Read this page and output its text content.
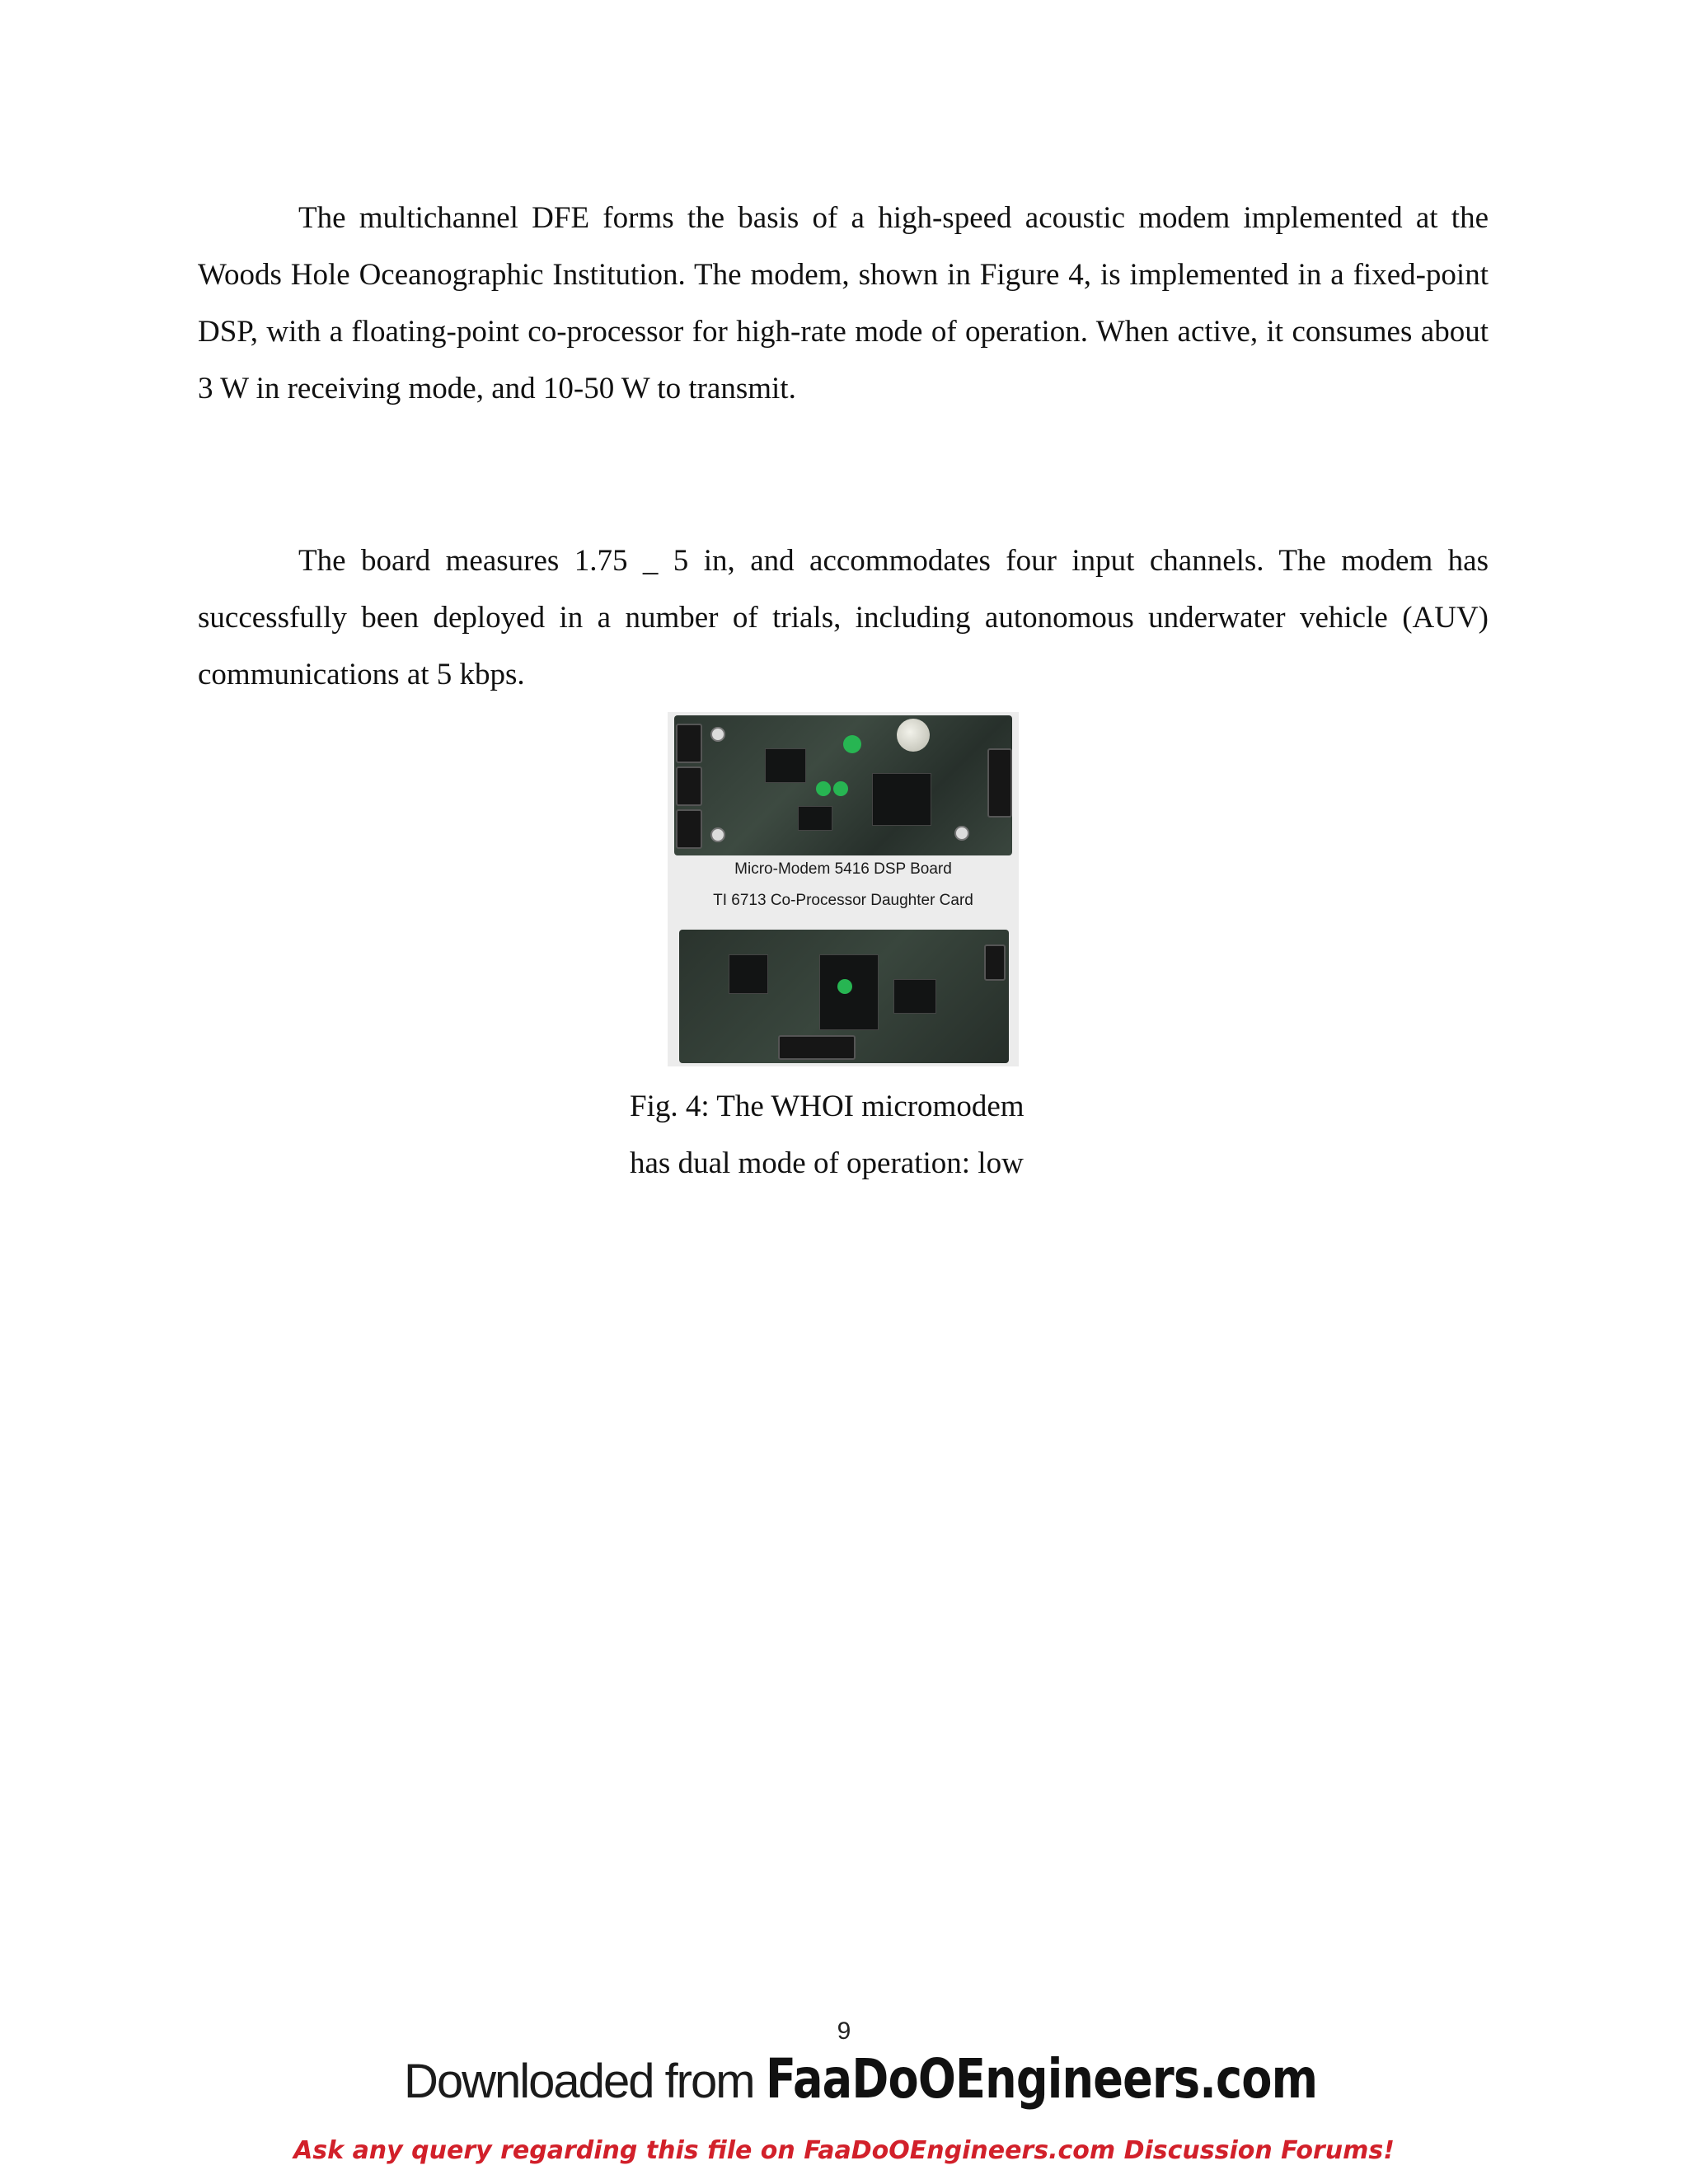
The multichannel DFE forms the basis of a high-speed acoustic modem implemented at the Woods Hole Oceanographic Institution. The modem, shown in Figure 4, is implemented in a fixed-point DSP, with a floating-point co-processor for high-rate mode of operation. When active, it consumes about 3 W in receiving mode, and 10-50 W to transmit.

The board measures 1.75 _ 5 in, and accommodates four input channels. The modem has successfully been deployed in a number of trials, including autonomous underwater vehicle (AUV) communications at 5 kbps.

Micro-Modem 5416 DSP Board
TI 6713 Co-Processor Daughter Card

Fig. 4: The WHOI micromodem

has dual mode of operation: low

9
Downloaded from FaaDoOEngineers.com
Ask any query regarding this file on FaaDoOEngineers.com Discussion Forums!
